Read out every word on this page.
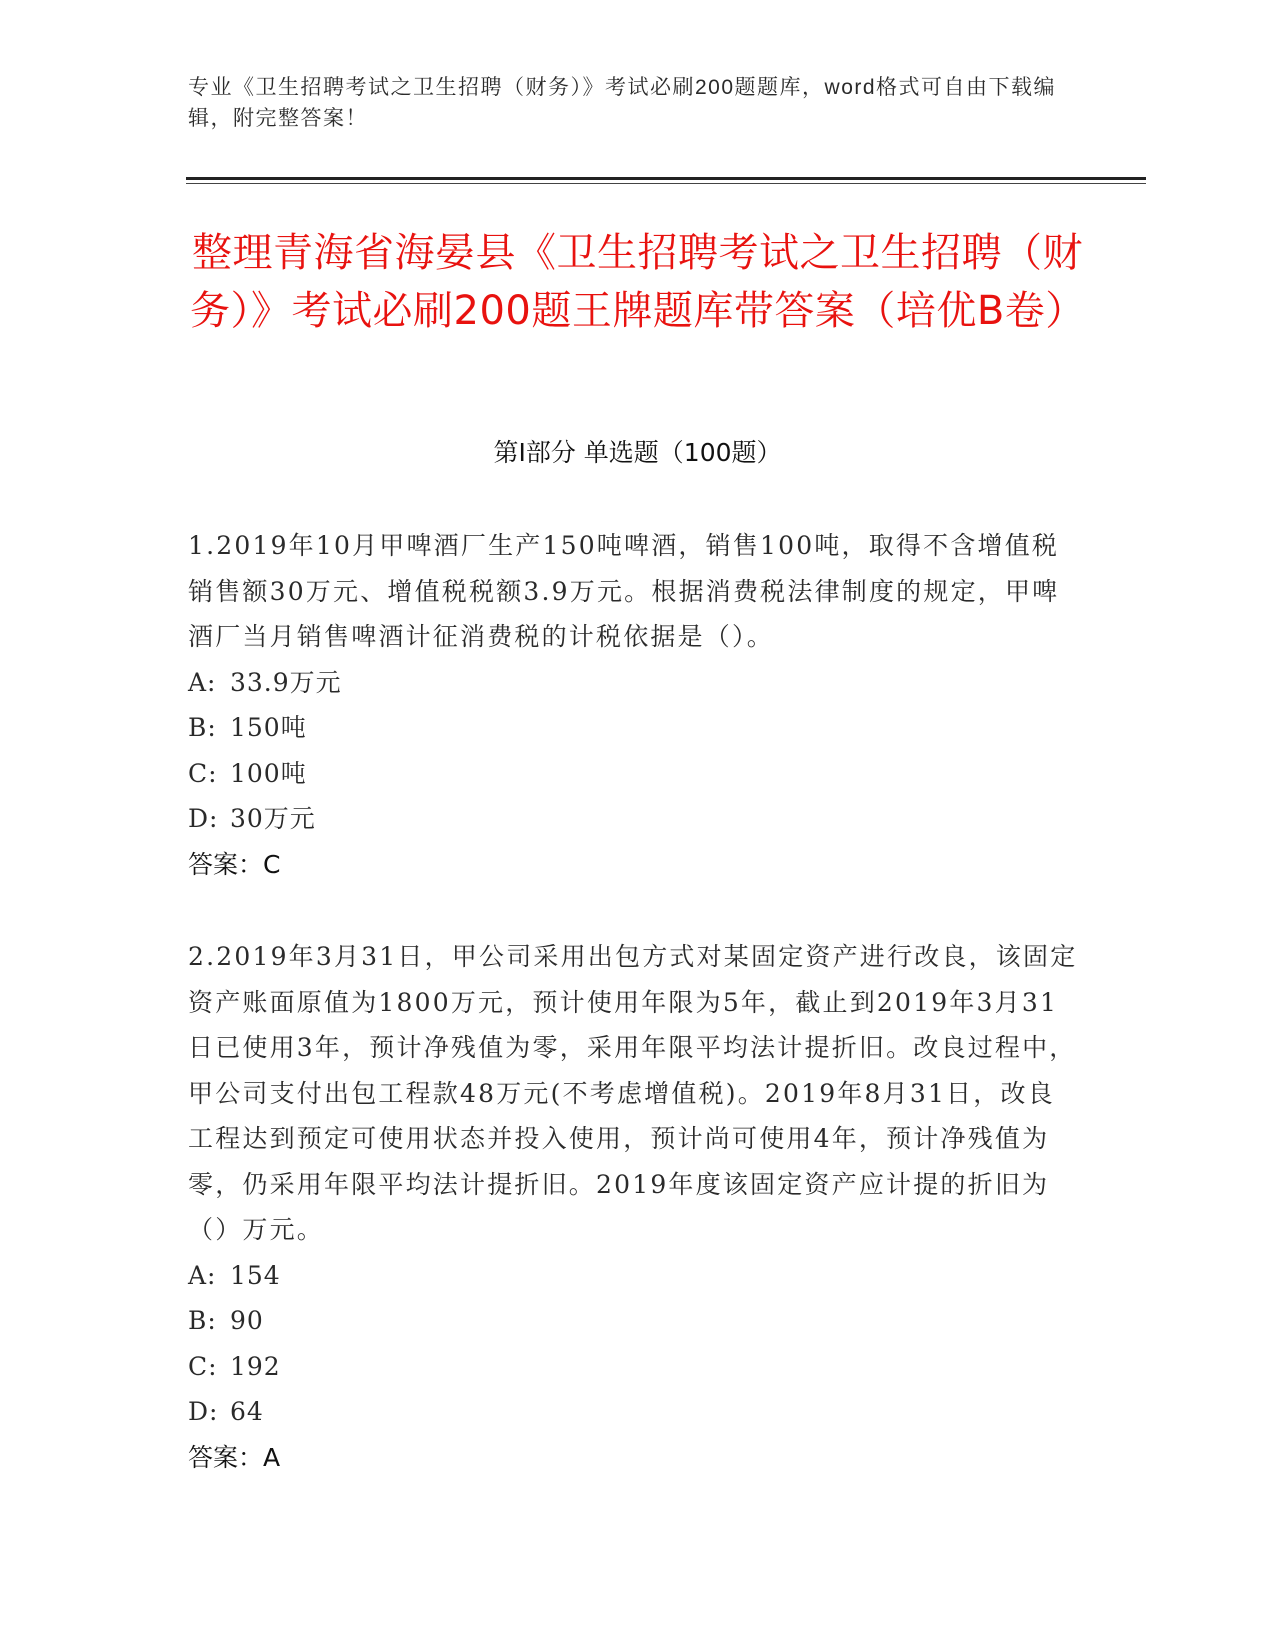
专业《卫生招聘考试之卫生招聘（财务）》考试必刷200题题库，word格式可自由下载编辑，附完整答案！
整理青海省海晏县《卫生招聘考试之卫生招聘（财务）》考试必刷200题王牌题库带答案（培优B卷）
第I部分 单选题（100题）
1.2019年10月甲啤酒厂生产150吨啤酒，销售100吨，取得不含增值税销售额30万元、增值税税额3.9万元。根据消费税法律制度的规定，甲啤酒厂当月销售啤酒计征消费税的计税依据是（）。
A: 33.9万元
B: 150吨
C: 100吨
D: 30万元
答案：C
2.2019年3月31日，甲公司采用出包方式对某固定资产进行改良，该固定资产账面原值为1800万元，预计使用年限为5年，截止到2019年3月31日已使用3年，预计净残值为零，采用年限平均法计提折旧。改良过程中，甲公司支付出包工程款48万元(不考虑增值税)。2019年8月31日，改良工程达到预定可使用状态并投入使用，预计尚可使用4年，预计净残值为零，仍采用年限平均法计提折旧。2019年度该固定资产应计提的折旧为（）万元。
A: 154
B: 90
C: 192
D: 64
答案：A
